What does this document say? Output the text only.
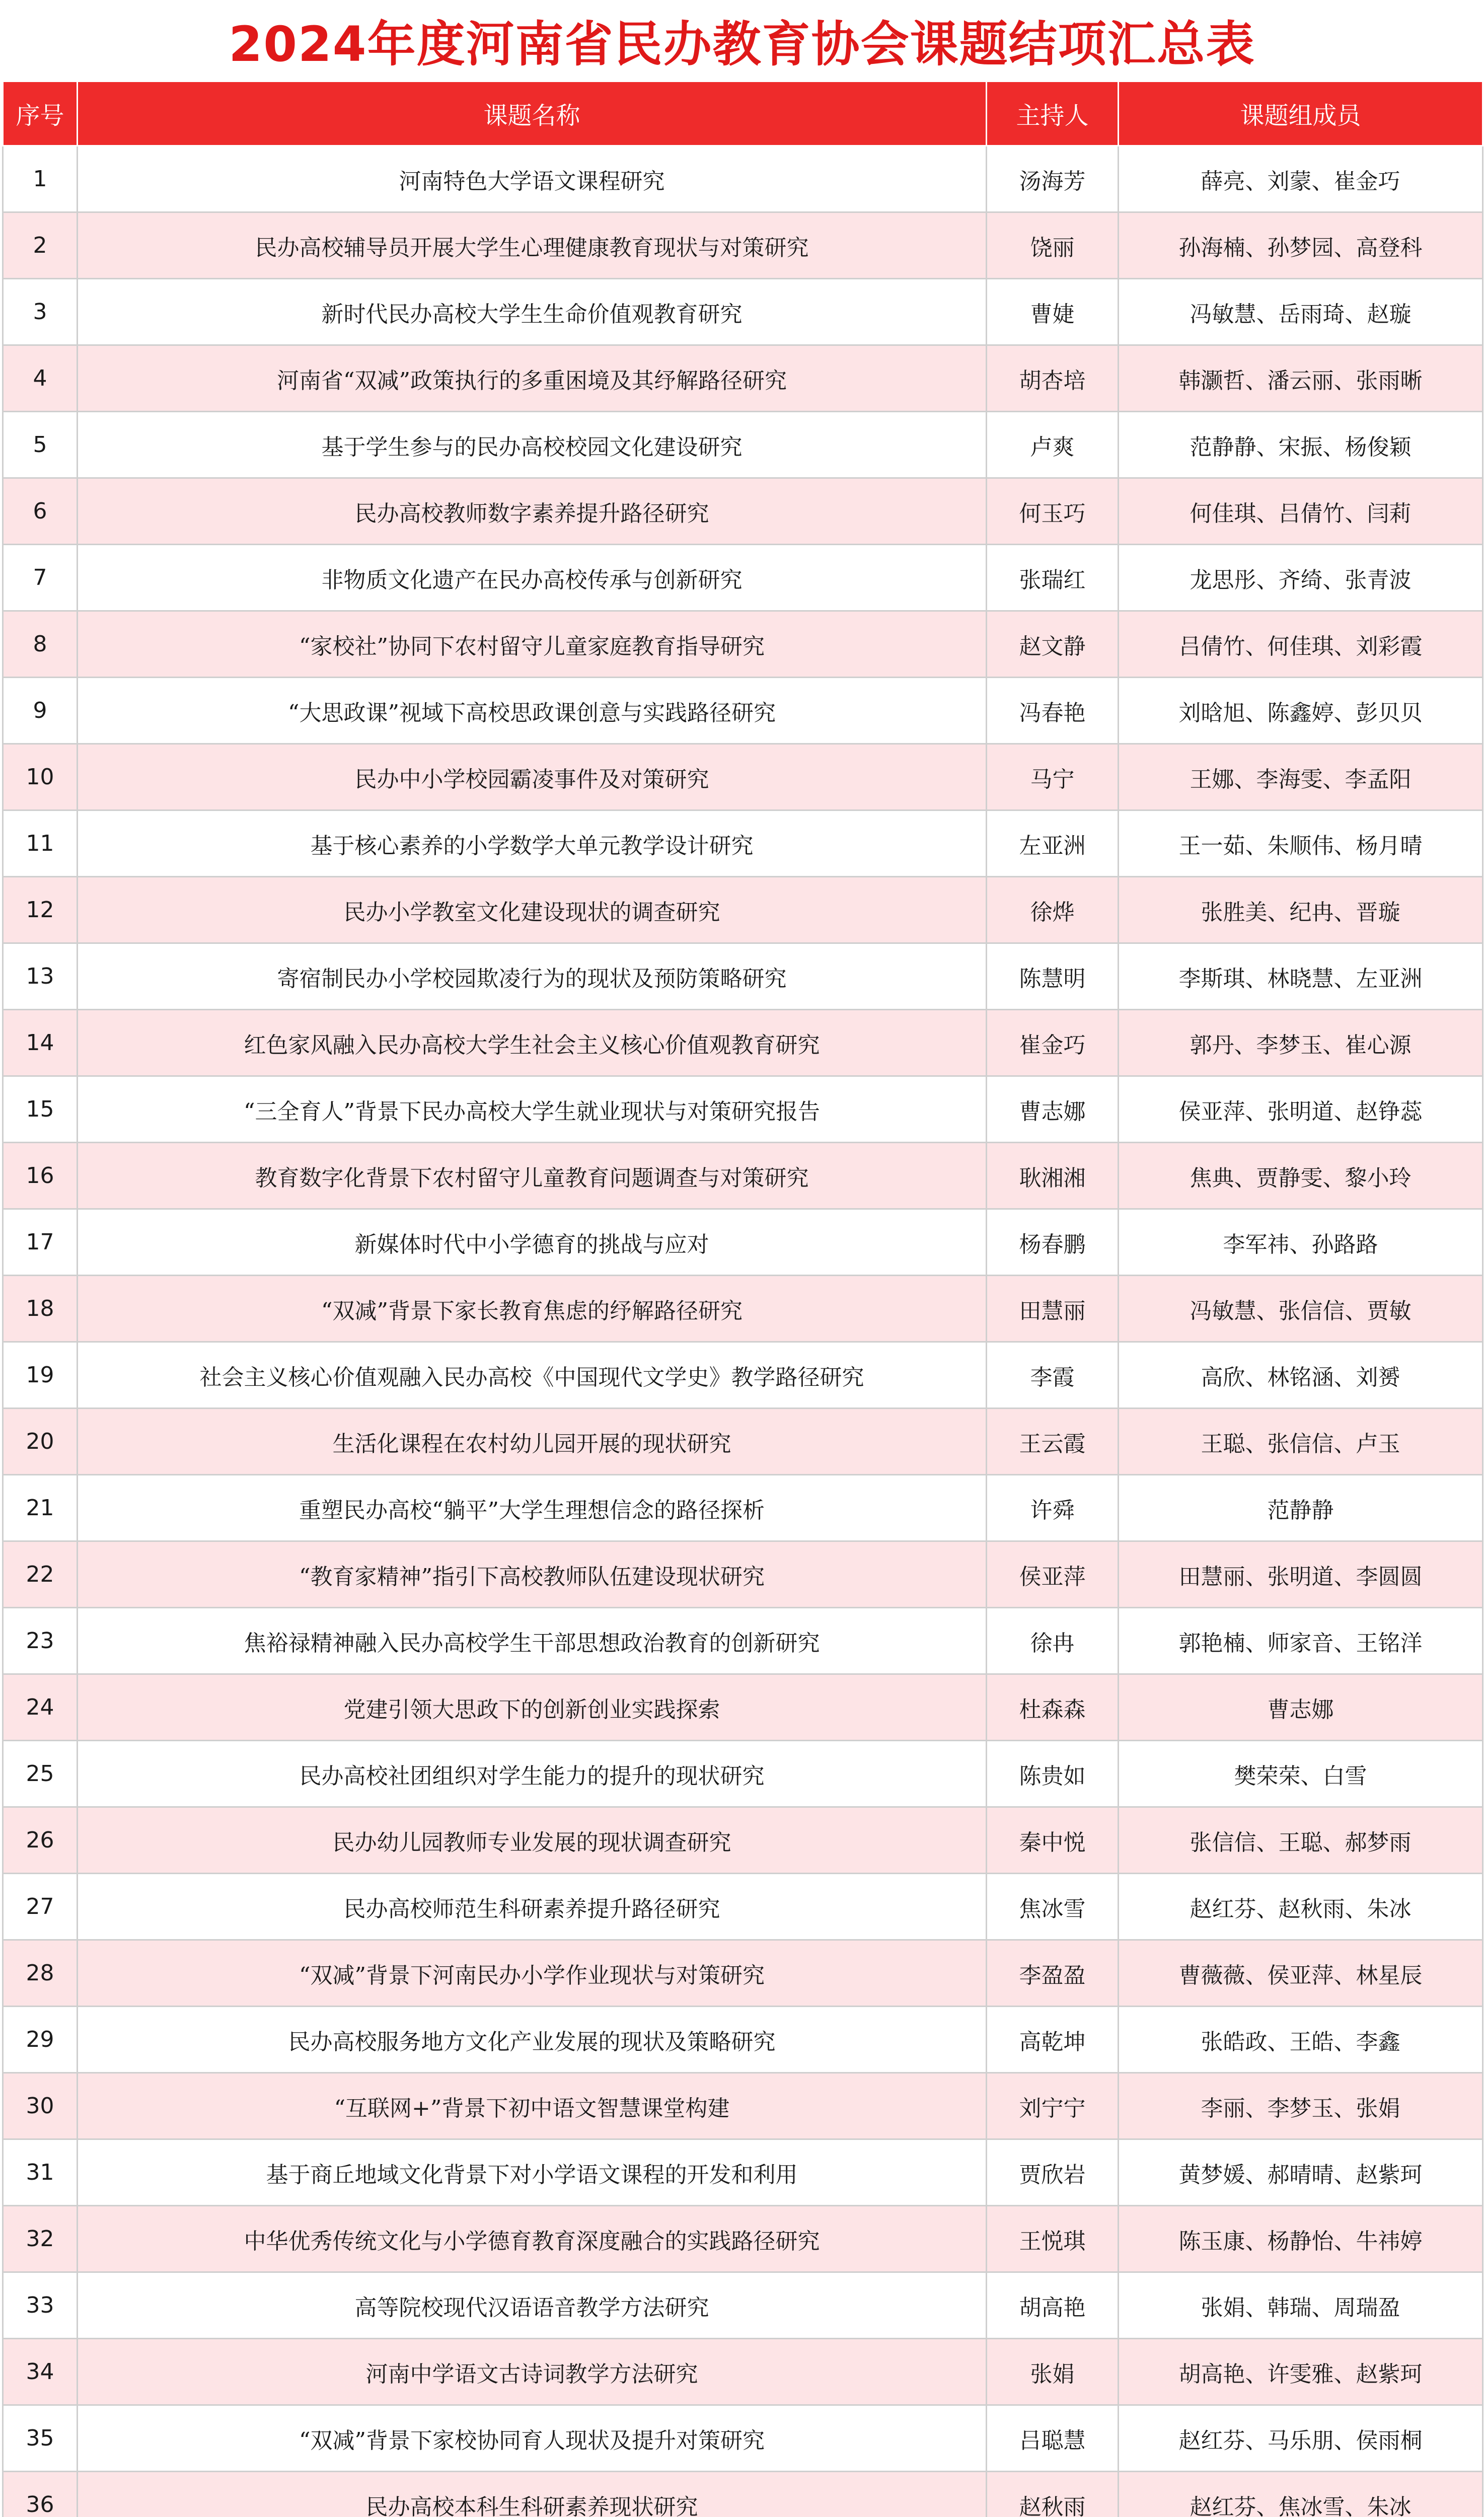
2024年度河南省民办教育协会课题结项汇总表
序号	课题名称	主持人	课题组成员
1	河南特色大学语文课程研究	汤海芳	薛亮、刘蒙、崔金巧
2	民办高校辅导员开展大学生心理健康教育现状与对策研究	饶丽	孙海楠、孙梦园、高登科
3	新时代民办高校大学生生命价值观教育研究	曹婕	冯敏慧、岳雨琦、赵璇
4	河南省“双减”政策执行的多重困境及其纾解路径研究	胡杏培	韩灏哲、潘云丽、张雨晰
5	基于学生参与的民办高校校园文化建设研究	卢爽	范静静、宋振、杨俊颖
6	民办高校教师数字素养提升路径研究	何玉巧	何佳琪、吕倩竹、闫莉
7	非物质文化遗产在民办高校传承与创新研究	张瑞红	龙思彤、齐绮、张青波
8	“家校社”协同下农村留守儿童家庭教育指导研究	赵文静	吕倩竹、何佳琪、刘彩霞
9	“大思政课”视域下高校思政课创意与实践路径研究	冯春艳	刘晗旭、陈鑫婷、彭贝贝
10	民办中小学校园霸凌事件及对策研究	马宁	王娜、李海雯、李孟阳
11	基于核心素养的小学数学大单元教学设计研究	左亚洲	王一茹、朱顺伟、杨月晴
12	民办小学教室文化建设现状的调查研究	徐烨	张胜美、纪冉、晋璇
13	寄宿制民办小学校园欺凌行为的现状及预防策略研究	陈慧明	李斯琪、林晓慧、左亚洲
14	红色家风融入民办高校大学生社会主义核心价值观教育研究	崔金巧	郭丹、李梦玉、崔心源
15	“三全育人”背景下民办高校大学生就业现状与对策研究报告	曹志娜	侯亚萍、张明道、赵铮蕊
16	教育数字化背景下农村留守儿童教育问题调查与对策研究	耿湘湘	焦典、贾静雯、黎小玲
17	新媒体时代中小学德育的挑战与应对	杨春鹏	李军祎、孙路路
18	“双减”背景下家长教育焦虑的纾解路径研究	田慧丽	冯敏慧、张信信、贾敏
19	社会主义核心价值观融入民办高校《中国现代文学史》教学路径研究	李霞	高欣、林铭涵、刘赟
20	生活化课程在农村幼儿园开展的现状研究	王云霞	王聪、张信信、卢玉
21	重塑民办高校“躺平”大学生理想信念的路径探析	许舜	范静静
22	“教育家精神”指引下高校教师队伍建设现状研究	侯亚萍	田慧丽、张明道、李圆圆
23	焦裕禄精神融入民办高校学生干部思想政治教育的创新研究	徐冉	郭艳楠、师家音、王铭洋
24	党建引领大思政下的创新创业实践探索	杜森森	曹志娜
25	民办高校社团组织对学生能力的提升的现状研究	陈贵如	樊荣荣、白雪
26	民办幼儿园教师专业发展的现状调查研究	秦中悦	张信信、王聪、郝梦雨
27	民办高校师范生科研素养提升路径研究	焦冰雪	赵红芬、赵秋雨、朱冰
28	“双减”背景下河南民办小学作业现状与对策研究	李盈盈	曹薇薇、侯亚萍、林星辰
29	民办高校服务地方文化产业发展的现状及策略研究	高乾坤	张皓政、王皓、李鑫
30	“互联网+”背景下初中语文智慧课堂构建	刘宁宁	李丽、李梦玉、张娟
31	基于商丘地域文化背景下对小学语文课程的开发和利用	贾欣岩	黄梦媛、郝晴晴、赵紫珂
32	中华优秀传统文化与小学德育教育深度融合的实践路径研究	王悦琪	陈玉康、杨静怡、牛祎婷
33	高等院校现代汉语语音教学方法研究	胡高艳	张娟、韩瑞、周瑞盈
34	河南中学语文古诗词教学方法研究	张娟	胡高艳、许雯雅、赵紫珂
35	“双减”背景下家校协同育人现状及提升对策研究	吕聪慧	赵红芬、马乐朋、侯雨桐
36	民办高校本科生科研素养现状研究	赵秋雨	赵红芬、焦冰雪、朱冰
